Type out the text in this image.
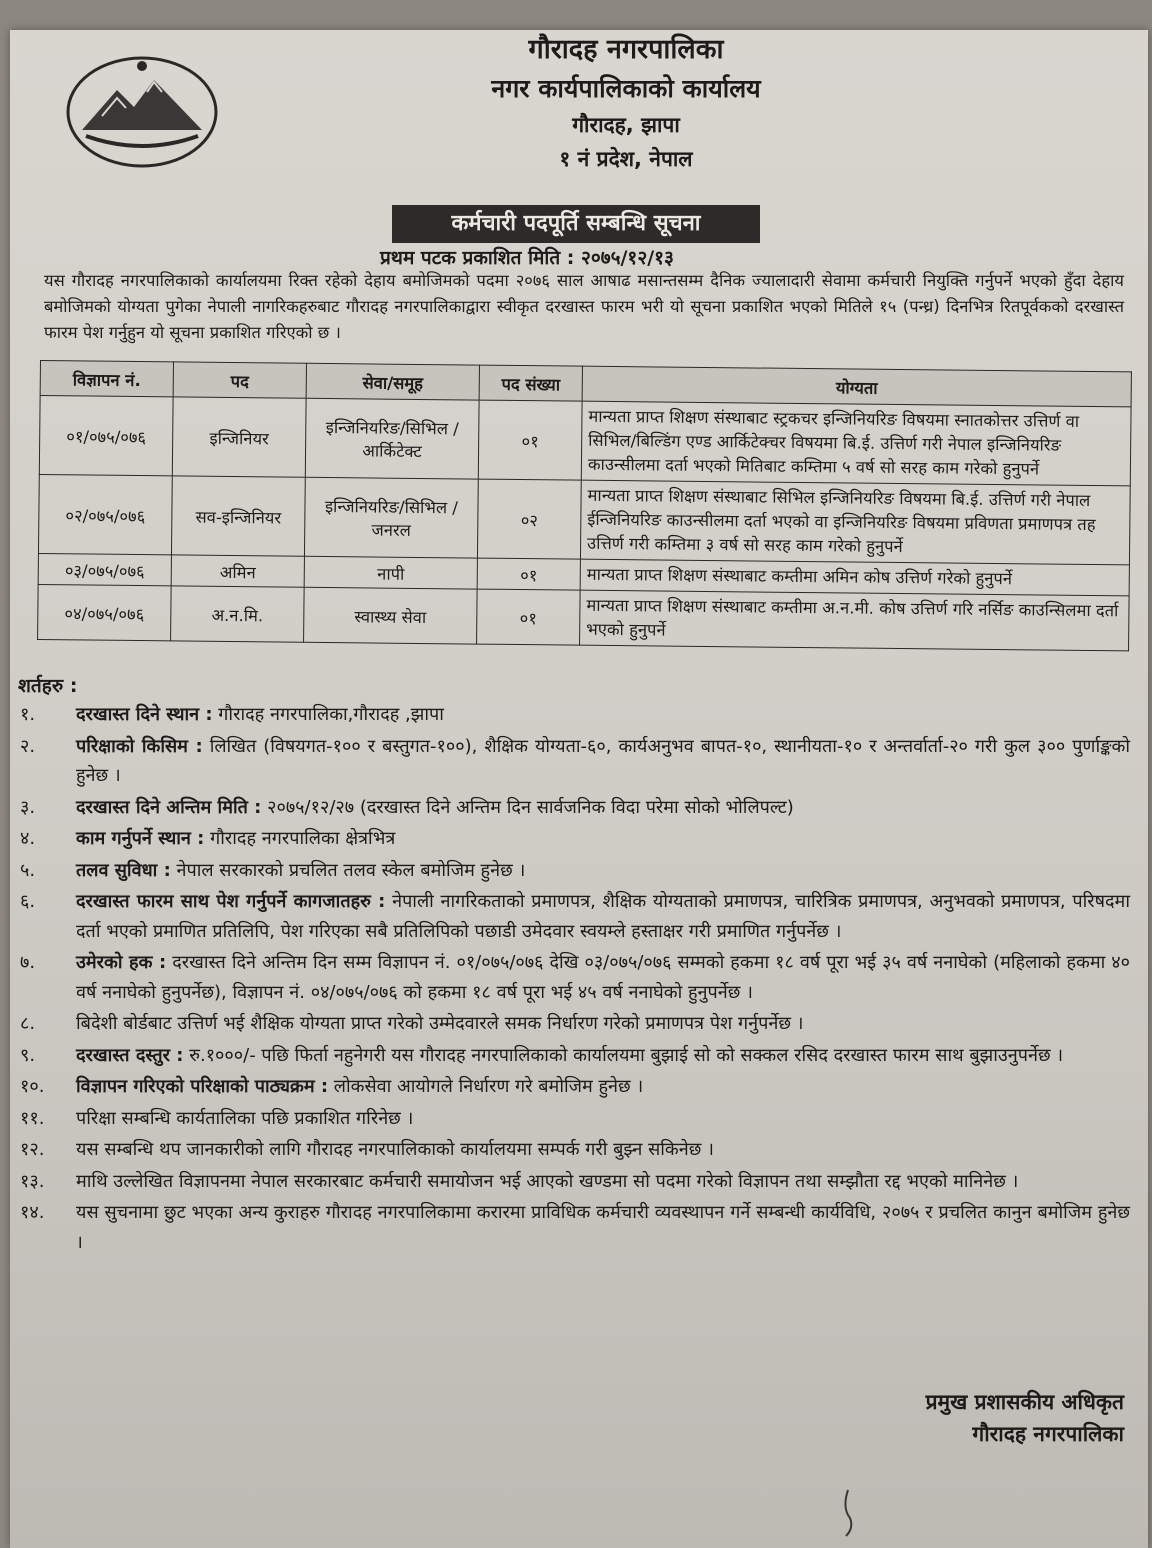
गौरादह नगरपालिका
नगर कार्यपालिकाको कार्यालय
गौरादह, झापा
१ नं प्रदेश, नेपाल
कर्मचारी पदपूर्ति सम्बन्धि सूचना
प्रथम पटक प्रकाशित मिति : २०७५/१२/१३
यस गौरादह नगरपालिकाको कार्यालयमा रिक्त रहेको देहाय बमोजिमको पदमा २०७६ साल आषाढ मसान्तसम्म दैनिक ज्यालादारी सेवामा कर्मचारी नियुक्ति गर्नुपर्ने भएको हुँदा देहाय बमोजिमको योग्यता पुगेका नेपाली नागरिकहरुबाट गौरादह नगरपालिकाद्वारा स्वीकृत दरखास्त फारम भरी यो सूचना प्रकाशित भएको मितिले १५ (पन्ध्र) दिनभित्र रितपूर्वकको दरखास्त फारम पेश गर्नुहुन यो सूचना प्रकाशित गरिएको छ ।
विज्ञापन नं.	पद	सेवा/समूह	पद संख्या	योग्यता
०१/०७५/०७६	इन्जिनियर	इन्जिनियरिङ/सिभिल /आर्किटेक्ट	०१	मान्यता प्राप्त शिक्षण संस्थाबाट स्ट्रकचर इन्जिनियरिङ विषयमा स्नातकोत्तर उत्तिर्ण वा सिभिल/बिल्डिंग एण्ड आर्किटेक्चर विषयमा बि.ई. उत्तिर्ण गरी नेपाल इन्जिनियरिङ काउन्सीलमा दर्ता भएको मितिबाट कम्तिमा ५ वर्ष सो सरह काम गरेको हुनुपर्ने
०२/०७५/०७६	सव-इन्जिनियर	इन्जिनियरिङ/सिभिल /जनरल	०२	मान्यता प्राप्त शिक्षण संस्थाबाट सिभिल इन्जिनियरिङ विषयमा बि.ई. उत्तिर्ण गरी नेपाल ईन्जिनियरिङ काउन्सीलमा दर्ता भएको वा इन्जिनियरिङ विषयमा प्रविणता प्रमाणपत्र तह उत्तिर्ण गरी कम्तिमा ३ वर्ष सो सरह काम गरेको हुनुपर्ने
०३/०७५/०७६	अमिन	नापी	०१	मान्यता प्राप्त शिक्षण संस्थाबाट कम्तीमा अमिन कोष उत्तिर्ण गरेको हुनुपर्ने
०४/०७५/०७६	अ.न.मि.	स्वास्थ्य सेवा	०१	मान्यता प्राप्त शिक्षण संस्थाबाट कम्तीमा अ.न.मी. कोष उत्तिर्ण गरि नर्सिङ काउन्सिलमा दर्ता भएको हुनुपर्ने
शर्तहरु :
१.	दरखास्त दिने स्थान : गौरादह नगरपालिका,गौरादह ,झापा
२.	परिक्षाको किसिम : लिखित (विषयगत-१०० र बस्तुगत-१००), शैक्षिक योग्यता-६०, कार्यअनुभव बापत-१०, स्थानीयता-१० र अन्तर्वार्ता-२० गरी कुल ३०० पुर्णाङ्कको हुनेछ ।
३.	दरखास्त दिने अन्तिम मिति : २०७५/१२/२७ (दरखास्त दिने अन्तिम दिन सार्वजनिक विदा परेमा सोको भोलिपल्ट)
४.	काम गर्नुपर्ने स्थान : गौरादह नगरपालिका क्षेत्रभित्र
५.	तलव सुविधा : नेपाल सरकारको प्रचलित तलव स्केल बमोजिम हुनेछ ।
६.	दरखास्त फारम साथ पेश गर्नुपर्ने कागजातहरु : नेपाली नागरिकताको प्रमाणपत्र, शैक्षिक योग्यताको प्रमाणपत्र, चारित्रिक प्रमाणपत्र, अनुभवको प्रमाणपत्र, परिषदमा दर्ता भएको प्रमाणित प्रतिलिपि, पेश गरिएका सबै प्रतिलिपिको पछाडी उमेदवार स्वयम्ले हस्ताक्षर गरी प्रमाणित गर्नुपर्नेछ ।
७.	उमेरको हक : दरखास्त दिने अन्तिम दिन सम्म विज्ञापन नं. ०१/०७५/०७६ देखि ०३/०७५/०७६ सम्मको हकमा १८ वर्ष पूरा भई ३५ वर्ष ननाघेको (महिलाको हकमा ४० वर्ष ननाघेको हुनुपर्नेछ), विज्ञापन नं. ०४/०७५/०७६ को हकमा १८ वर्ष पूरा भई ४५ वर्ष ननाघेको हुनुपर्नेछ ।
८.	बिदेशी बोर्डबाट उत्तिर्ण भई शैक्षिक योग्यता प्राप्त गरेको उम्मेदवारले समक निर्धारण गरेको प्रमाणपत्र पेश गर्नुपर्नेछ ।
९.	दरखास्त दस्तुर : रु.१०००/- पछि फिर्ता नहुनेगरी यस गौरादह नगरपालिकाको कार्यालयमा बुझाई सो को सक्कल रसिद दरखास्त फारम साथ बुझाउनुपर्नेछ ।
१०.	विज्ञापन गरिएको परिक्षाको पाठ्यक्रम : लोकसेवा आयोगले निर्धारण गरे बमोजिम हुनेछ ।
११.	परिक्षा सम्बन्धि कार्यतालिका पछि प्रकाशित गरिनेछ ।
१२.	यस सम्बन्धि थप जानकारीको लागि गौरादह नगरपालिकाको कार्यालयमा सम्पर्क गरी बुझ्न सकिनेछ ।
१३.	माथि उल्लेखित विज्ञापनमा नेपाल सरकारबाट कर्मचारी समायोजन भई आएको खण्डमा सो पदमा गरेको विज्ञापन तथा सम्झौता रद्द भएको मानिनेछ ।
१४.	यस सुचनामा छुट भएका अन्य कुराहरु गौरादह नगरपालिकामा करारमा प्राविधिक कर्मचारी व्यवस्थापन गर्ने सम्बन्धी कार्यविधि, २०७५ र प्रचलित कानुन बमोजिम हुनेछ ।
प्रमुख प्रशासकीय अधिकृत
गौरादह नगरपालिका
